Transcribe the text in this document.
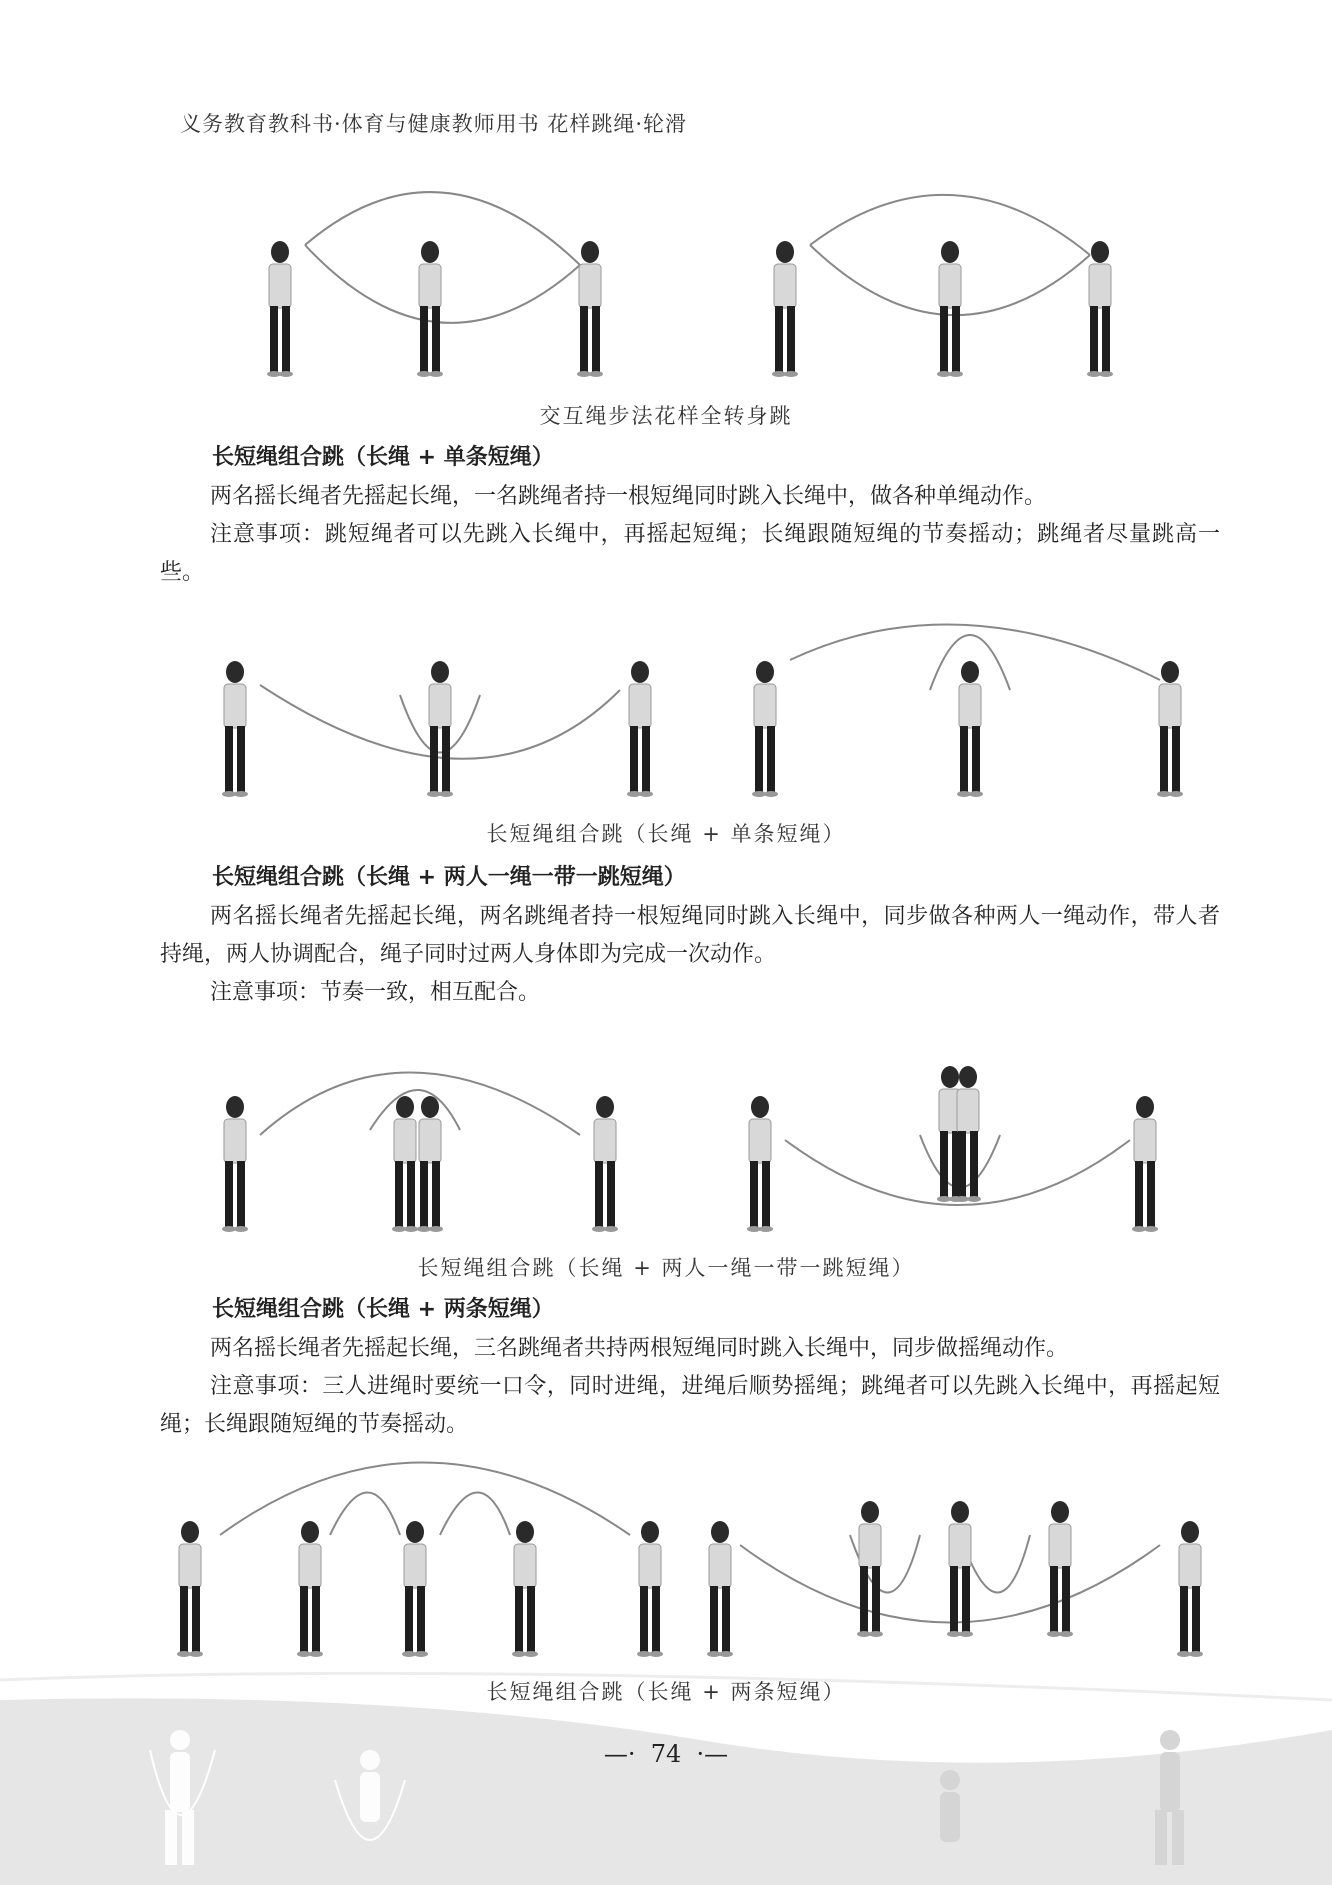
义务教育教科书·体育与健康教师用书 花样跳绳·轮滑
交互绳步法花样全转身跳
长短绳组合跳（长绳 + 单条短绳）

两名摇长绳者先摇起长绳，一名跳绳者持一根短绳同时跳入长绳中，做各种单绳动作。

注意事项：跳短绳者可以先跳入长绳中，再摇起短绳；长绳跟随短绳的节奏摇动；跳绳者尽量跳高一些。

长短绳组合跳（长绳 + 单条短绳）
长短绳组合跳（长绳 + 两人一绳一带一跳短绳）

两名摇长绳者先摇起长绳，两名跳绳者持一根短绳同时跳入长绳中，同步做各种两人一绳动作，带人者持绳，两人协调配合，绳子同时过两人身体即为完成一次动作。

注意事项：节奏一致，相互配合。

长短绳组合跳（长绳 + 两人一绳一带一跳短绳）
长短绳组合跳（长绳 + 两条短绳）

两名摇长绳者先摇起长绳，三名跳绳者共持两根短绳同时跳入长绳中，同步做摇绳动作。

注意事项：三人进绳时要统一口令，同时进绳，进绳后顺势摇绳；跳绳者可以先跳入长绳中，再摇起短绳；长绳跟随短绳的节奏摇动。

长短绳组合跳（长绳 + 两条短绳）
—·  74  ·—
